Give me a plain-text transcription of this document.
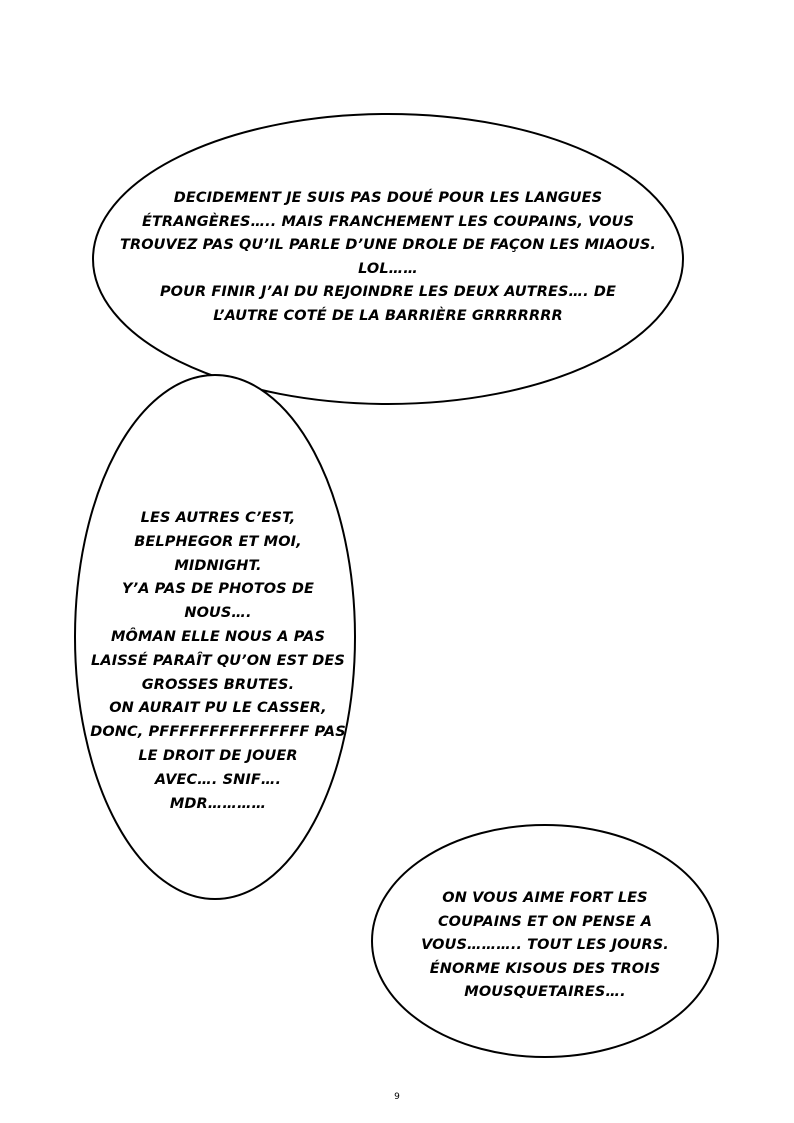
DECIDEMENT JE SUIS PAS DOUÉ POUR LES LANGUES
ÉTRANGÈRES….. MAIS FRANCHEMENT LES COUPAINS, VOUS
TROUVEZ PAS QU’IL PARLE D’UNE DROLE DE FAÇON LES MIAOUS.
LOL……
POUR FINIR J’AI DU REJOINDRE LES DEUX AUTRES…. DE
L’AUTRE COTÉ DE LA BARRIÈRE GRRRRRRR
LES AUTRES C’EST,
BELPHEGOR ET MOI,
MIDNIGHT.
Y’A PAS DE PHOTOS DE
NOUS….
MÔMAN ELLE NOUS A PAS
LAISSÉ PARAÎT QU’ON EST DES
GROSSES BRUTES.
ON AURAIT PU LE CASSER,
DONC, PFFFFFFFFFFFFFFF PAS
LE DROIT DE JOUER
AVEC…. SNIF….
MDR…………
ON VOUS AIME FORT LES
COUPAINS ET ON PENSE A
VOUS……….. TOUT LES JOURS.
ÉNORME KISOUS DES TROIS
MOUSQUETAIRES….
9
